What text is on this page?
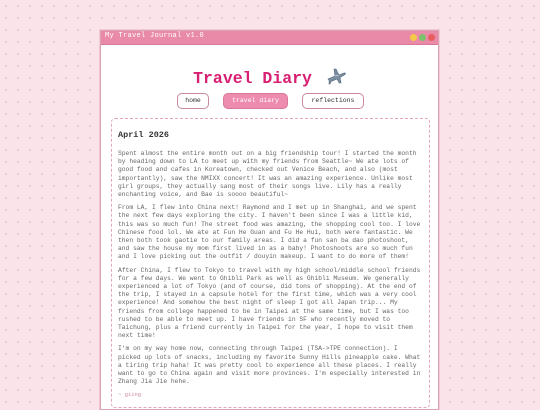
My Travel Journal v1.0
Travel Diary
home	travel diary	reflections
April 2026

Spent almost the entire month out on a big friendship tour! I started the month by heading down to LA to meet up with my friends from Seattle~ We ate lots of good food and cafes in Koreatown, checked out Venice Beach, and also (most importantly), saw the NMIXX concert! It was an amazing experience. Unlike most girl groups, they actually sang most of their songs live. Lily has a really enchanting voice, and Bae is soooo beautiful~

From LA, I flew into China next! Raymond and I met up in Shanghai, and we spent the next few days exploring the city. I haven't been since I was a little kid, this was so much fun! The street food was amazing, the shopping cool too. I love Chinese food lol. We ate at Fun He Guan and Fu He Hui, both were fantastic. We then both took gaotie to our family areas. I did a fun san ba dao photoshoot, and saw the house my mom first lived in as a baby! Photoshoots are so much fun and I love picking out the outfit / douyin makeup. I want to do more of them!

After China, I flew to Tokyo to travel with my high school/middle school friends for a few days. We went to Ghibli Park as well as Ghibli Museum. We generally experienced a lot of Tokyo (and of course, did tons of shopping). At the end of the trip, I stayed in a capsule hotel for the first time, which was a very cool experience! And somehow the best night of sleep I got all Japan trip... My friends from college happened to be in Taipei at the same time, but I was too rushed to be able to meet up. I have friends in SF who recently moved to Taichung, plus a friend currently in Taipei for the year, I hope to visit them next time!

I'm on my way home now, connecting through Taipei (TSA->TPE connection). I picked up lots of snacks, including my favorite Sunny Hills pineapple cake. What a tiring trip haha! It was pretty cool to experience all these places. I really want to go to China again and visit more provinces. I'm especially interested in Zhang Jia Jie hehe.

~ giing
